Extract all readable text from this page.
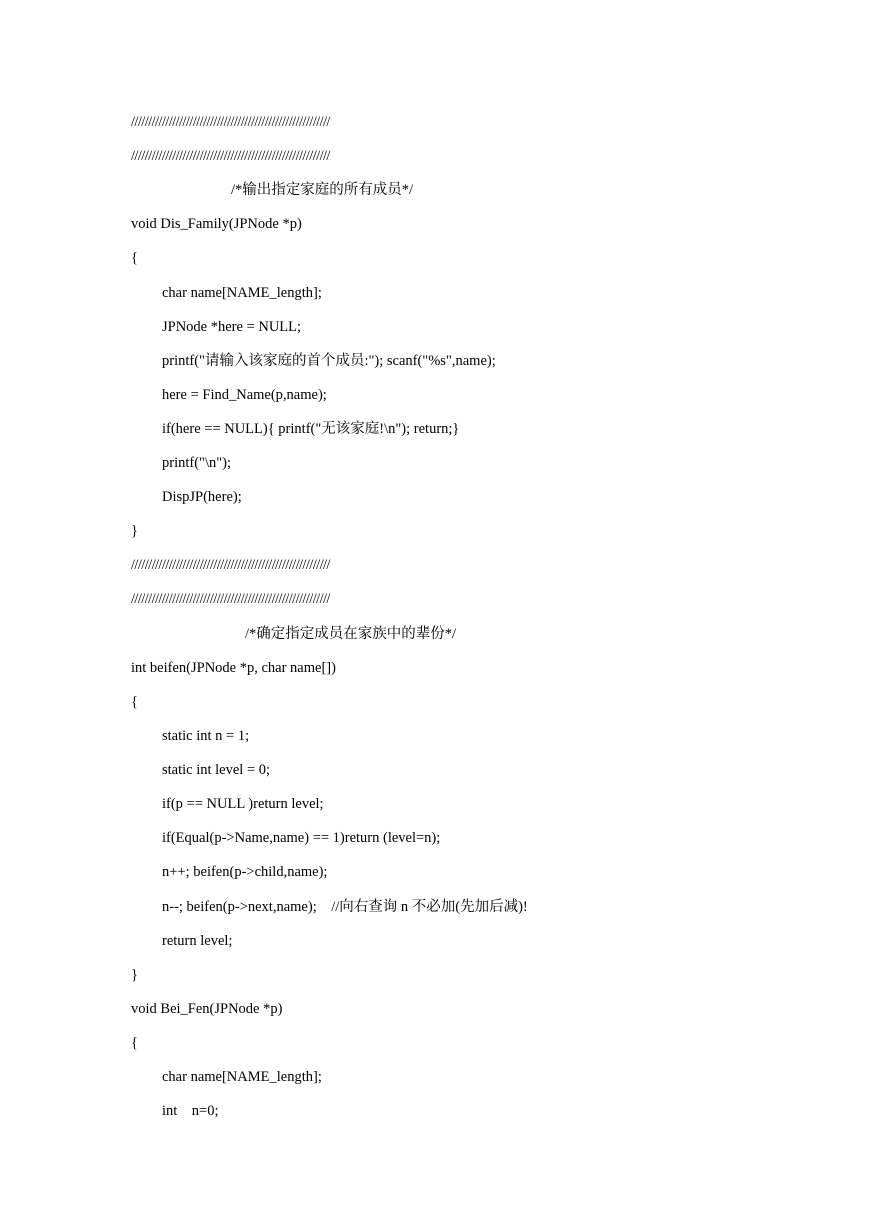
//////////////////////////////////////////////////////////
//////////////////////////////////////////////////////////
/*输出指定家庭的所有成员*/
void Dis_Family(JPNode *p)
{
char name[NAME_length];
JPNode *here = NULL;
printf("请输入该家庭的首个成员:"); scanf("%s",name);
here = Find_Name(p,name);
if(here == NULL){ printf("无该家庭!\n"); return;}
printf("\n");
DispJP(here);
}
//////////////////////////////////////////////////////////
//////////////////////////////////////////////////////////
/*确定指定成员在家族中的辈份*/
int beifen(JPNode *p, char name[])
{
static int n = 1;
static int level = 0;
if(p == NULL )return level;
if(Equal(p->Name,name) == 1)return (level=n);
n++; beifen(p->child,name);
n--; beifen(p->next,name);    //向右查询 n 不必加(先加后减)!
return level;
}
void Bei_Fen(JPNode *p)
{
char name[NAME_length];
int    n=0;
